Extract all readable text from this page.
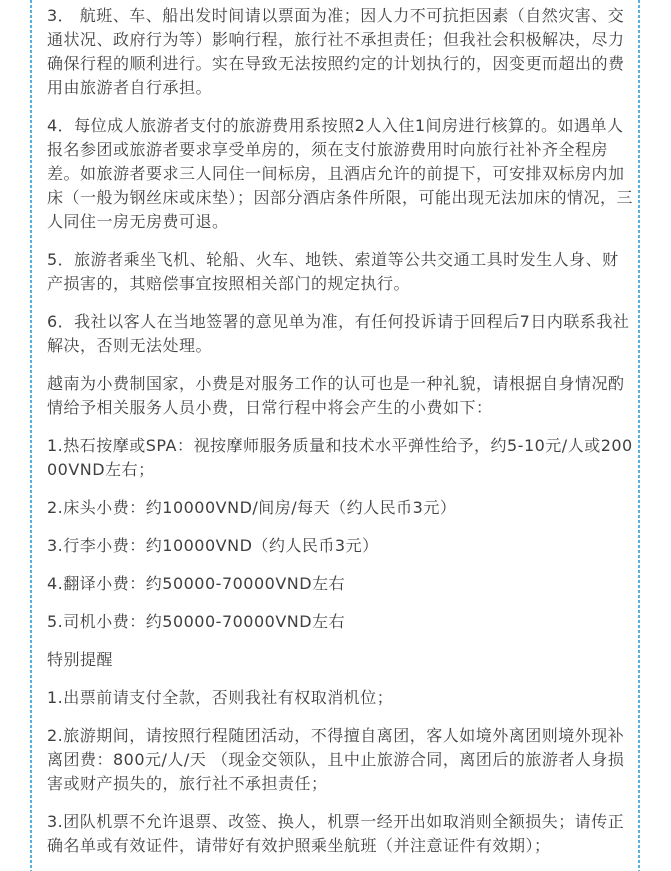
3． 航班、车、船出发时间请以票面为准；因人力不可抗拒因素（自然灾害、交通状况、政府行为等）影响行程，旅行社不承担责任；但我社会积极解决，尽力确保行程的顺利进行。实在导致无法按照约定的计划执行的，因变更而超出的费用由旅游者自行承担。

4．每位成人旅游者支付的旅游费用系按照2人入住1间房进行核算的。如遇单人报名参团或旅游者要求享受单房的，须在支付旅游费用时向旅行社补齐全程房差。如旅游者要求三人同住一间标房，且酒店允许的前提下，可安排双标房内加床（一般为钢丝床或床垫）；因部分酒店条件所限，可能出现无法加床的情况，三人同住一房无房费可退。

5．旅游者乘坐飞机、轮船、火车、地铁、索道等公共交通工具时发生人身、财产损害的，其赔偿事宜按照相关部门的规定执行。

6．我社以客人在当地签署的意见单为准，有任何投诉请于回程后7日内联系我社解决，否则无法处理。

越南为小费制国家，小费是对服务工作的认可也是一种礼貌，请根据自身情况酌情给予相关服务人员小费，日常行程中将会产生的小费如下：

1.热石按摩或SPA：视按摩师服务质量和技术水平弹性给予，约5-10元/人或20000VND左右；

2.床头小费：约10000VND/间房/每天（约人民币3元）

3.行李小费：约10000VND（约人民币3元）

4.翻译小费：约50000-70000VND左右

5.司机小费：约50000-70000VND左右

特别提醒

1.出票前请支付全款，否则我社有权取消机位；

2.旅游期间，请按照行程随团活动，不得擅自离团，客人如境外离团则境外现补离团费：800元/人/天 （现金交领队，且中止旅游合同，离团后的旅游者人身损害或财产损失的，旅行社不承担责任；

3.团队机票不允许退票、改签、换人，机票一经开出如取消则全额损失；请传正确名单或有效证件，请带好有效护照乘坐航班（并注意证件有效期）；
